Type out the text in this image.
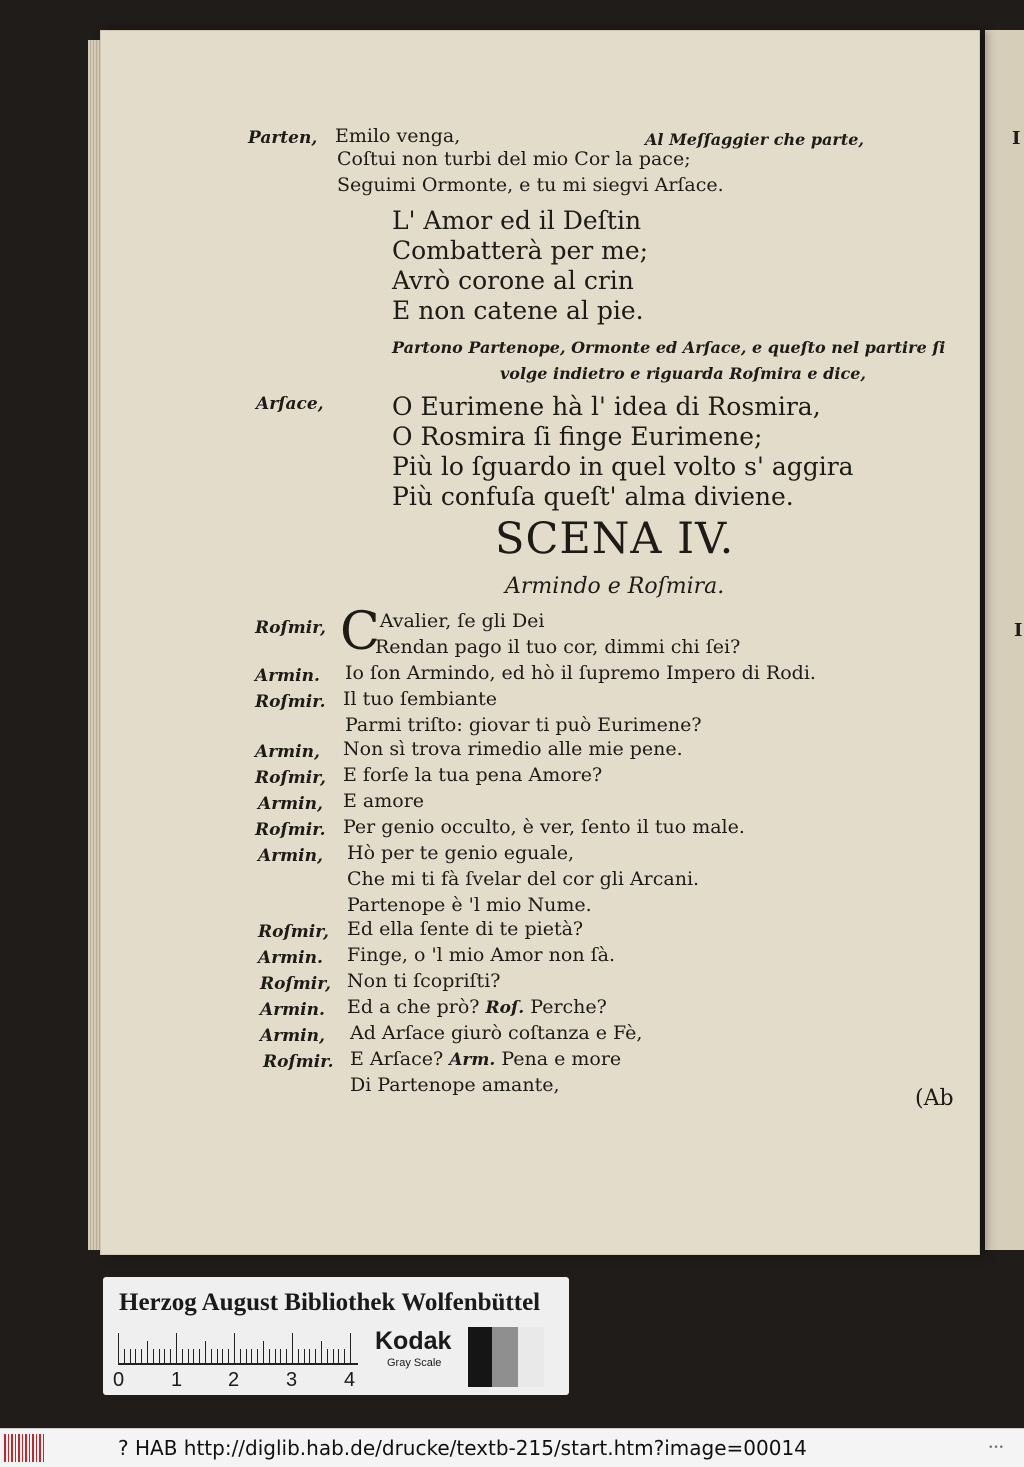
Parten, Emilo venga,	Al Meſſaggier che parte,
Coſtui non turbi del mio Cor la pace;
Seguimi Ormonte, e tu mi siegvi Arſace.
L' Amor ed il Deſtin
Combatterà per me;
Avrò corone al crin
E non catene al pie.
Partono Partenope, Ormonte ed Arſace, e queſto nel partire ſi
volge indietro e riguarda Roſmira e dice,
Arſace,	O Eurimene hà l' idea di Rosmira,
O Rosmira ſi finge Eurimene;
Più lo ſguardo in quel volto s' aggira
Più confuſa queſt' alma diviene.
SCENA IV.
Armindo e Roſmira.
Roſmir, CAvalier, ſe gli Dei
Rendan pago il tuo cor, dimmi chi ſei?
Armin. Io ſon Armindo, ed hò il ſupremo Impero di Rodi.
Roſmir. Il tuo ſembiante
Parmi triſto: giovar ti può Eurimene?
Armin, Non sì trova rimedio alle mie pene.
Roſmir, E forſe la tua pena Amore?
Armin, E amore
Roſmir. Per genio occulto, è ver, ſento il tuo male.
Armin, Hò per te genio eguale,
Che mi ti fà ſvelar del cor gli Arcani.
Partenope è 'l mio Nume.
Roſmir, Ed ella ſente di te pietà?
Armin. Finge, o 'l mio Amor non ſà.
Roſmir, Non ti ſcopriſti?
Armin. Ed a che prò? Roſ. Perche?
Armin, Ad Arſace giurò coſtanza e Fè,
Roſmir. E Arſace? Arm. Pena e more
Di Partenope amante,
(Ab
Herzog August Bibliothek Wolfenbüttel
0 1 2 3 4
Kodak
Gray Scale
? HAB http://diglib.hab.de/drucke/textb-215/start.htm?image=00014	•••
I
I
